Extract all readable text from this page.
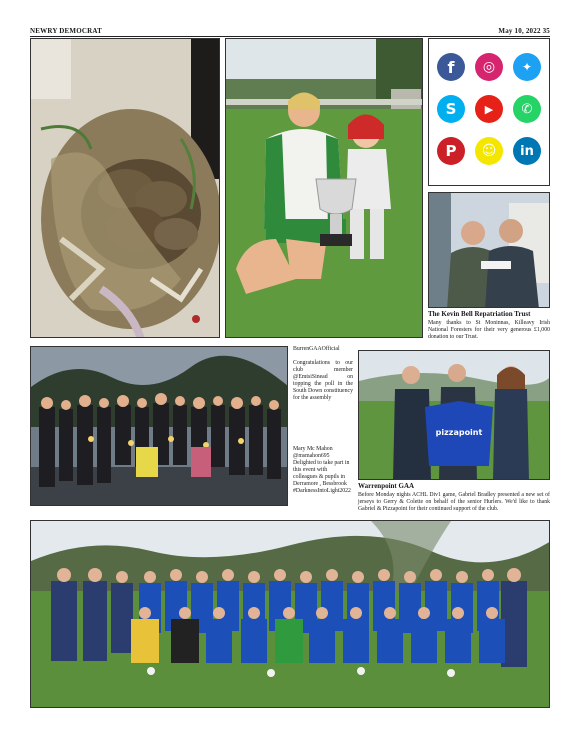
NEWRY DEMOCRAT	May 10, 2022 35
f	◎	✦
S	▶	✆
P	☺	in
The Kevin Bell Repatriation Trust
Many thanks to St Moninnas, Killeavy Irish National Foresters for their very generous £1,000 donation to our Trust.
BurrenGAAOfficial
Congratulations to our club member @EmtsiSinead on topping the poll in the South Down constituency for the assembly
Mary Mc Mahon @msmahon695 Delighted to take part in this event with colleagues & pupils in Derramore , Bessbrook #DarknessIntoLight2022
pizzapoint
Warrenpoint GAA
Before Monday nights ACHL Div1 game, Gabriel Bradley presented a new set of jerseys to Gerry & Colette on behalf of the senior Hurlers. We'd like to thank Gabriel & Pizzapoint for their continued support of the club.
